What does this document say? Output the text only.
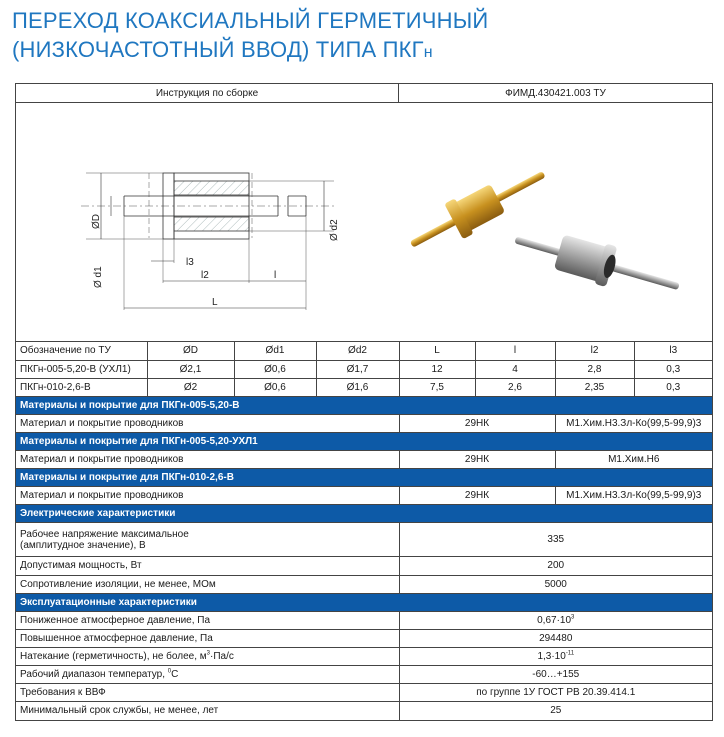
ПЕРЕХОД КОАКСИАЛЬНЫЙ ГЕРМЕТИЧНЫЙ
(НИЗКОЧАСТОТНЫЙ ВВОД) ТИПА ПКГн
Инструкция по сборке	ФИМД.430421.003 ТУ
ØD
Ø d1
Ø d2
l3
l2	l
L
Обозначение по ТУ	ØD	Ød1	Ød2	L	l	l2	l3
ПКГн-005-5,20-В (УХЛ1)	Ø2,1	Ø0,6	Ø1,7	12	4	2,8	0,3
ПКГн-010-2,6-В	Ø2	Ø0,6	Ø1,6	7,5	2,6	2,35	0,3
Материалы и покрытие для ПКГн-005-5,20-В							
Материал и покрытие проводников				29НК		М1.Хим.Н3.Зл-Ко(99,5-99,9)3	
Материалы и покрытие для ПКГн-005-5,20-УХЛ1							
Материал и покрытие проводников				29НК		М1.Хим.Н6	
Материалы и покрытие для ПКГн-010-2,6-В							
Материал и покрытие проводников				29НК		М1.Хим.Н3.Зл-Ко(99,5-99,9)3	
Электрические характеристики							

Рабочее напряжение максимальное
(амплитудное значение), В				335			
Допустимая мощность, Вт				200			
Сопротивление изоляции, не менее, МОм				5000			
Эксплуатационные характеристики							
Пониженное атмосферное давление, Па				$0,67\cdot 10^3$
Повышенное атмосферное давление, Па				294480			
Натекание (герметичность), не более, $м^3\cdot Па/с$				$1,3\cdot 10^{-11}$
Рабочий диапазон температур, $^0$С				-60…+155			
Требования к ВВФ				по группе 1У ГОСТ РВ 20.39.414.1			
Минимальный срок службы, не менее, лет				25			
